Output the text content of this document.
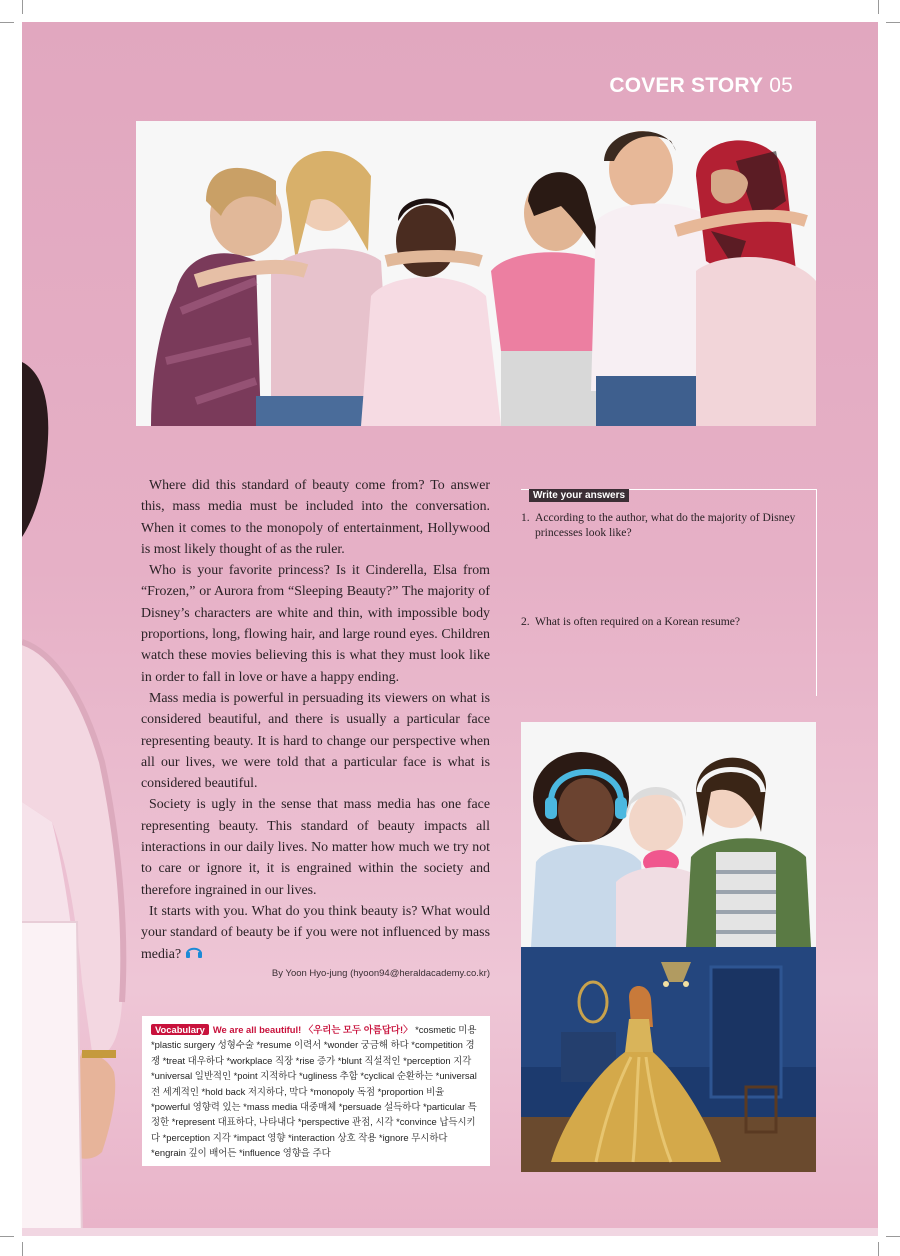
COVER STORY 05

Where did this standard of beauty come from? To answer this, mass media must be included into the conversation. When it comes to the monopoly of entertainment, Hollywood is most likely thought of as the ruler.

Who is your favorite princess? Is it Cinderella, Elsa from “Frozen,” or Aurora from “Sleeping Beauty?” The majority of Disney’s characters are white and thin, with impossible body proportions, long, flowing hair, and large round eyes. Children watch these movies believing this is what they must look like in order to fall in love or have a happy ending.

Mass media is powerful in persuading its viewers on what is considered beautiful, and there is usually a particular face representing beauty. It is hard to change our perspective when all our lives, we were told that a particular face is what is considered beautiful.

Society is ugly in the sense that mass media has one face representing beauty. This standard of beauty impacts all interactions in our daily lives. No matter how much we try not to care or ignore it, it is engrained within the society and therefore ingrained in our lives.

It starts with you. What do you think beauty is? What would your standard of beauty be if you were not influenced by mass media?

By Yoon Hyo-jung (hyoon94@heraldacademy.co.kr)
Vocabulary We are all beautiful! 〈우리는 모두 아름답다!〉 *cosmetic 미용 *plastic surgery 성형수술 *resume 이력서 *wonder 궁금해 하다 *competition 경쟁 *treat 대우하다 *workplace 직장 *rise 증가 *blunt 직설적인 *perception 지각 *universal 일반적인 *point 지적하다 *ugliness 추함 *cyclical 순환하는 *universal 전 세계적인 *hold back 저지하다, 막다 *monopoly 독점 *proportion 비율 *powerful 영향력 있는 *mass media 대중매체 *persuade 설득하다 *particular 특정한 *represent 대표하다, 나타내다 *perspective 관점, 시각 *convince 납득시키다 *perception 지각 *impact 영향 *interaction 상호 작용 *ignore 무시하다 *engrain 깊이 배어든 *influence 영향을 주다
Write your answers
1. According to the author, what do the majority of Disney princesses look like?
2. What is often required on a Korean resume?
